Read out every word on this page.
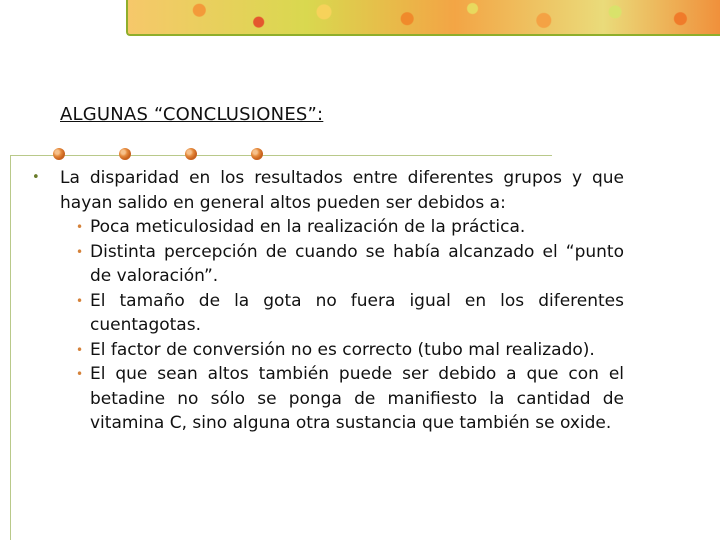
ALGUNAS “CONCLUSIONES”:
• La disparidad en los resultados entre diferentes grupos y que hayan salido en general altos pueden ser debidos a:
• Poca meticulosidad en la realización de la práctica.
• Distinta percepción de cuando se había alcanzado el “punto de valoración”.
• El tamaño de la gota no fuera igual en los diferentes cuentagotas.
• El factor de conversión no es correcto (tubo mal realizado).
• El que sean altos también puede ser debido a que con el betadine no sólo se ponga de manifiesto la cantidad de vitamina C, sino alguna otra sustancia que también se oxide.
